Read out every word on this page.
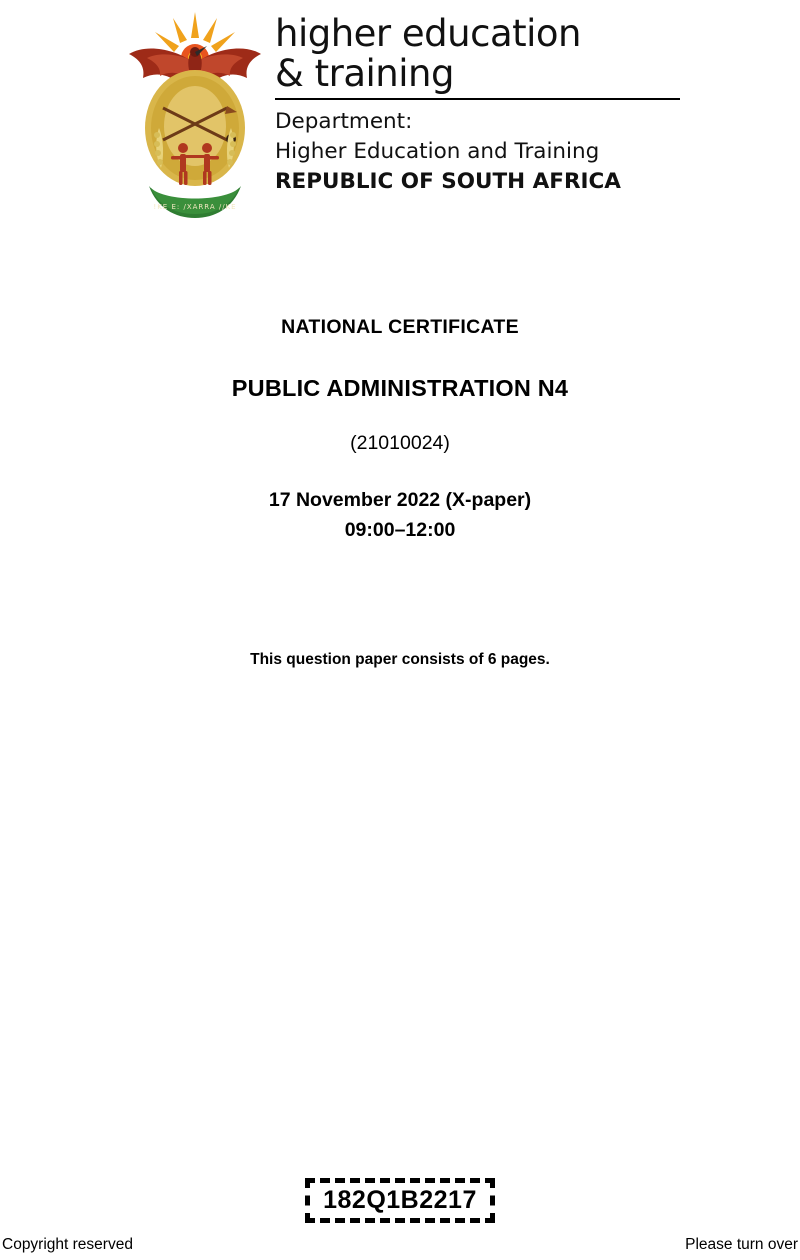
!KE E: /XARRA //KE
higher education
& training
Department:
Higher Education and Training
REPUBLIC OF SOUTH AFRICA
NATIONAL CERTIFICATE
PUBLIC ADMINISTRATION N4
(21010024)
17 November 2022 (X-paper)
09:00–12:00
This question paper consists of 6 pages.
182Q1B2217
Copyright reserved	Please turn over
